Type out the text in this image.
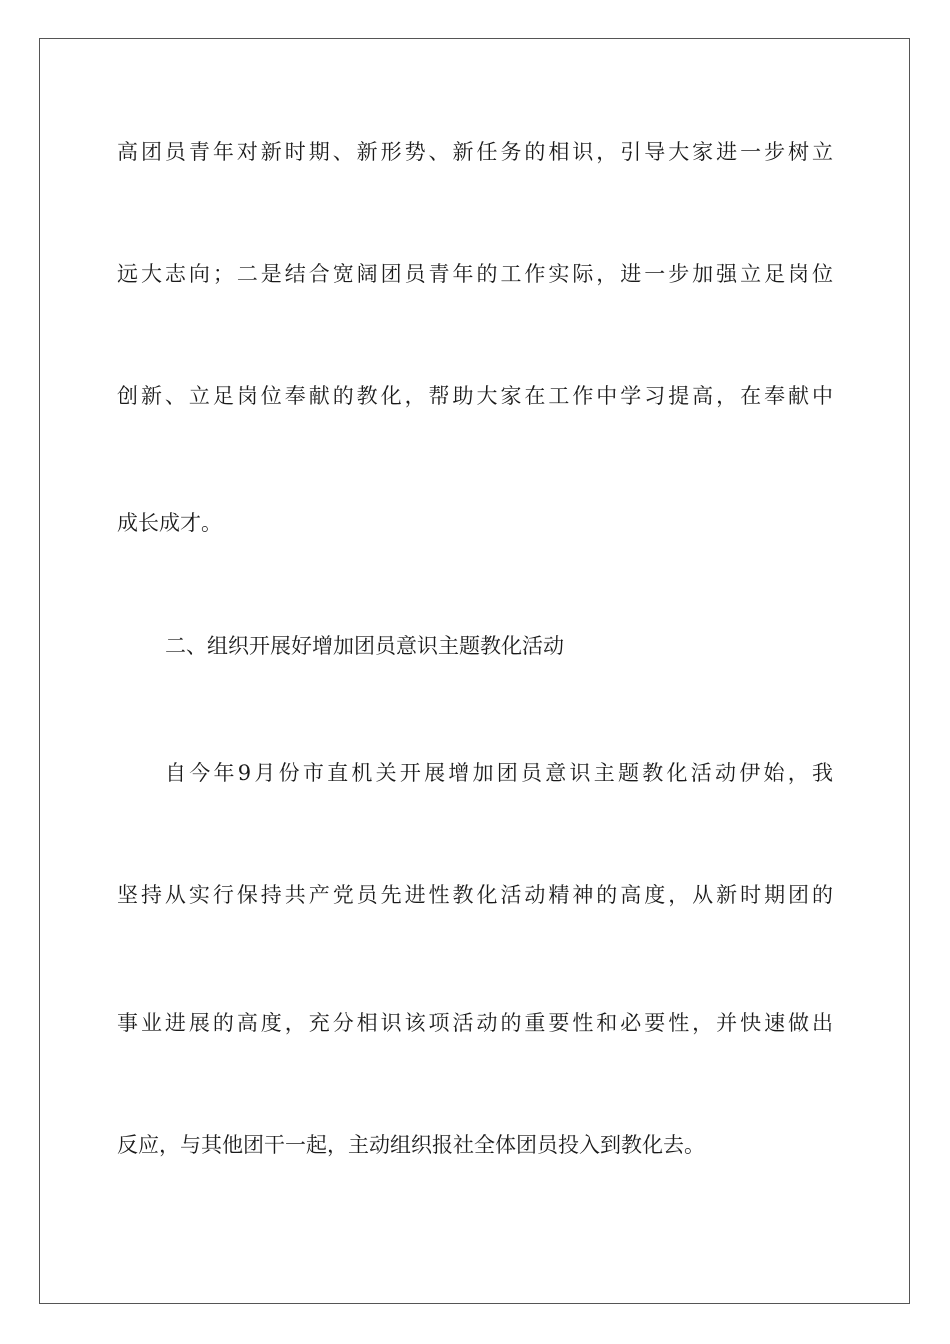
高团员青年对新时期、新形势、新任务的相识，引导大家进一步树立
远大志向；二是结合宽阔团员青年的工作实际，进一步加强立足岗位
创新、立足岗位奉献的教化，帮助大家在工作中学习提高，在奉献中
成长成才。
二、组织开展好增加团员意识主题教化活动
自今年9月份市直机关开展增加团员意识主题教化活动伊始，我
坚持从实行保持共产党员先进性教化活动精神的高度，从新时期团的
事业进展的高度，充分相识该项活动的重要性和必要性，并快速做出
反应，与其他团干一起，主动组织报社全体团员投入到教化去。
